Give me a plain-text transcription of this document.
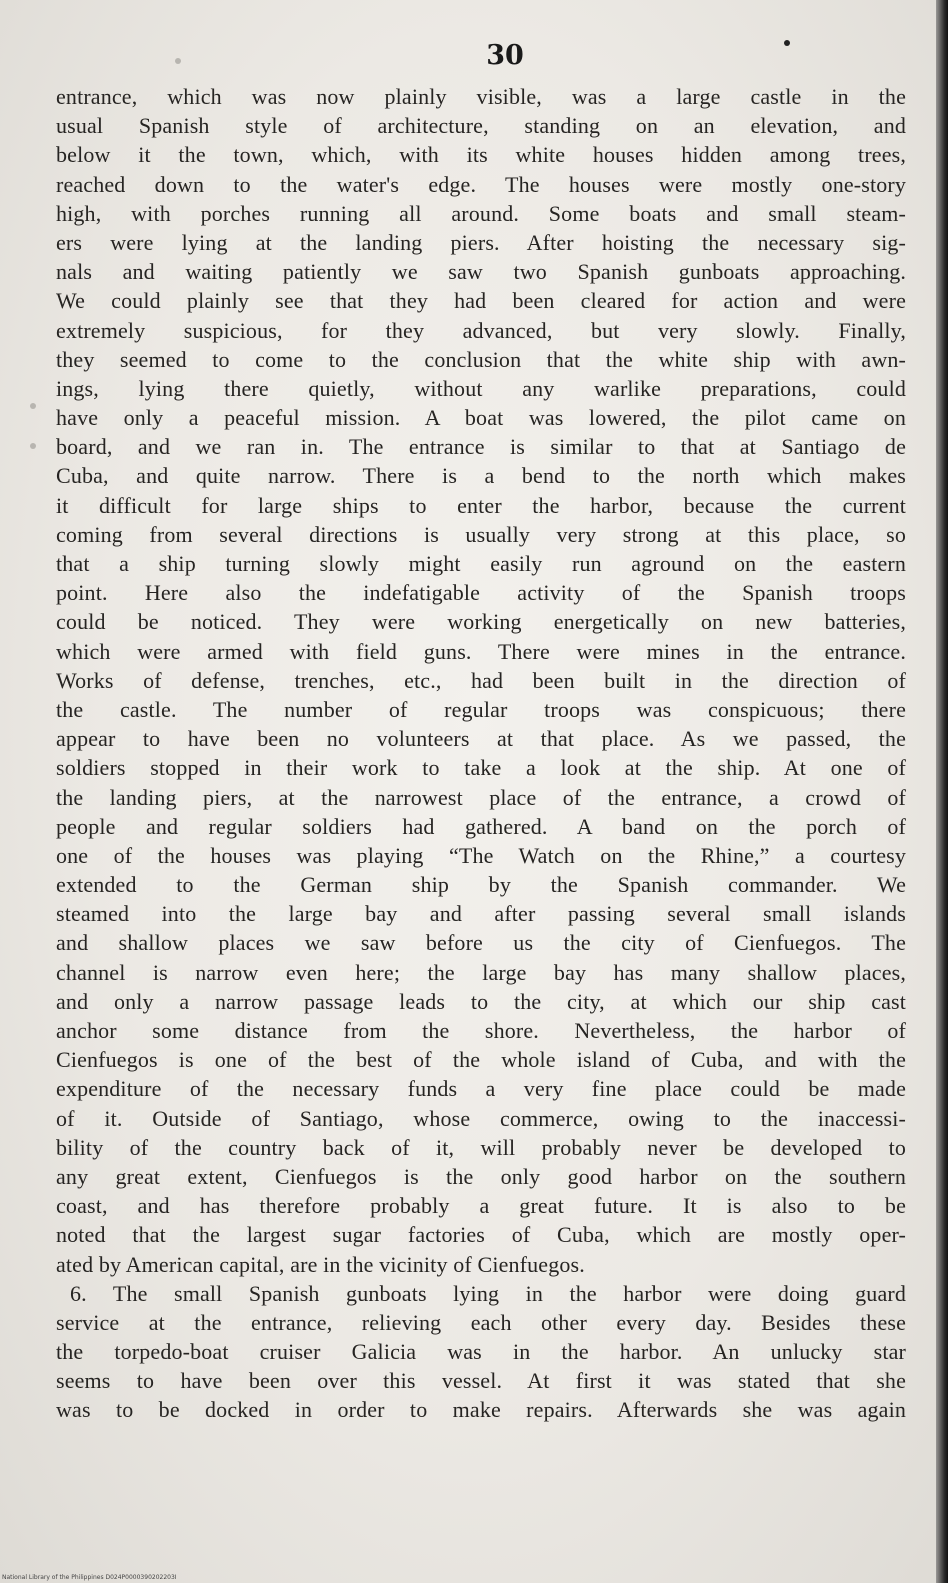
30
entrance, which was now plainly visible, was a large castle in the
usual Spanish style of architecture, standing on an elevation, and
below it the town, which, with its white houses hidden among trees,
reached down to the water's edge. The houses were mostly one-story
high, with porches running all around. Some boats and small steam-
ers were lying at the landing piers. After hoisting the necessary sig-
nals and waiting patiently we saw two Spanish gunboats approaching.
We could plainly see that they had been cleared for action and were
extremely suspicious, for they advanced, but very slowly. Finally,
they seemed to come to the conclusion that the white ship with awn-
ings, lying there quietly, without any warlike preparations, could
have only a peaceful mission. A boat was lowered, the pilot came on
board, and we ran in. The entrance is similar to that at Santiago de
Cuba, and quite narrow. There is a bend to the north which makes
it difficult for large ships to enter the harbor, because the current
coming from several directions is usually very strong at this place, so
that a ship turning slowly might easily run aground on the eastern
point. Here also the indefatigable activity of the Spanish troops
could be noticed. They were working energetically on new batteries,
which were armed with field guns. There were mines in the entrance.
Works of defense, trenches, etc., had been built in the direction of
the castle. The number of regular troops was conspicuous; there
appear to have been no volunteers at that place. As we passed, the
soldiers stopped in their work to take a look at the ship. At one of
the landing piers, at the narrowest place of the entrance, a crowd of
people and regular soldiers had gathered. A band on the porch of
one of the houses was playing “The Watch on the Rhine,” a courtesy
extended to the German ship by the Spanish commander. We
steamed into the large bay and after passing several small islands
and shallow places we saw before us the city of Cienfuegos. The
channel is narrow even here; the large bay has many shallow places,
and only a narrow passage leads to the city, at which our ship cast
anchor some distance from the shore. Nevertheless, the harbor of
Cienfuegos is one of the best of the whole island of Cuba, and with the
expenditure of the necessary funds a very fine place could be made
of it. Outside of Santiago, whose commerce, owing to the inaccessi-
bility of the country back of it, will probably never be developed to
any great extent, Cienfuegos is the only good harbor on the southern
coast, and has therefore probably a great future. It is also to be
noted that the largest sugar factories of Cuba, which are mostly oper-
ated by American capital, are in the vicinity of Cienfuegos.
6. The small Spanish gunboats lying in the harbor were doing guard
service at the entrance, relieving each other every day. Besides these
the torpedo-boat cruiser Galicia was in the harbor. An unlucky star
seems to have been over this vessel. At first it was stated that she
was to be docked in order to make repairs. Afterwards she was again
National Library of the Philippines D024P0000390202203I
